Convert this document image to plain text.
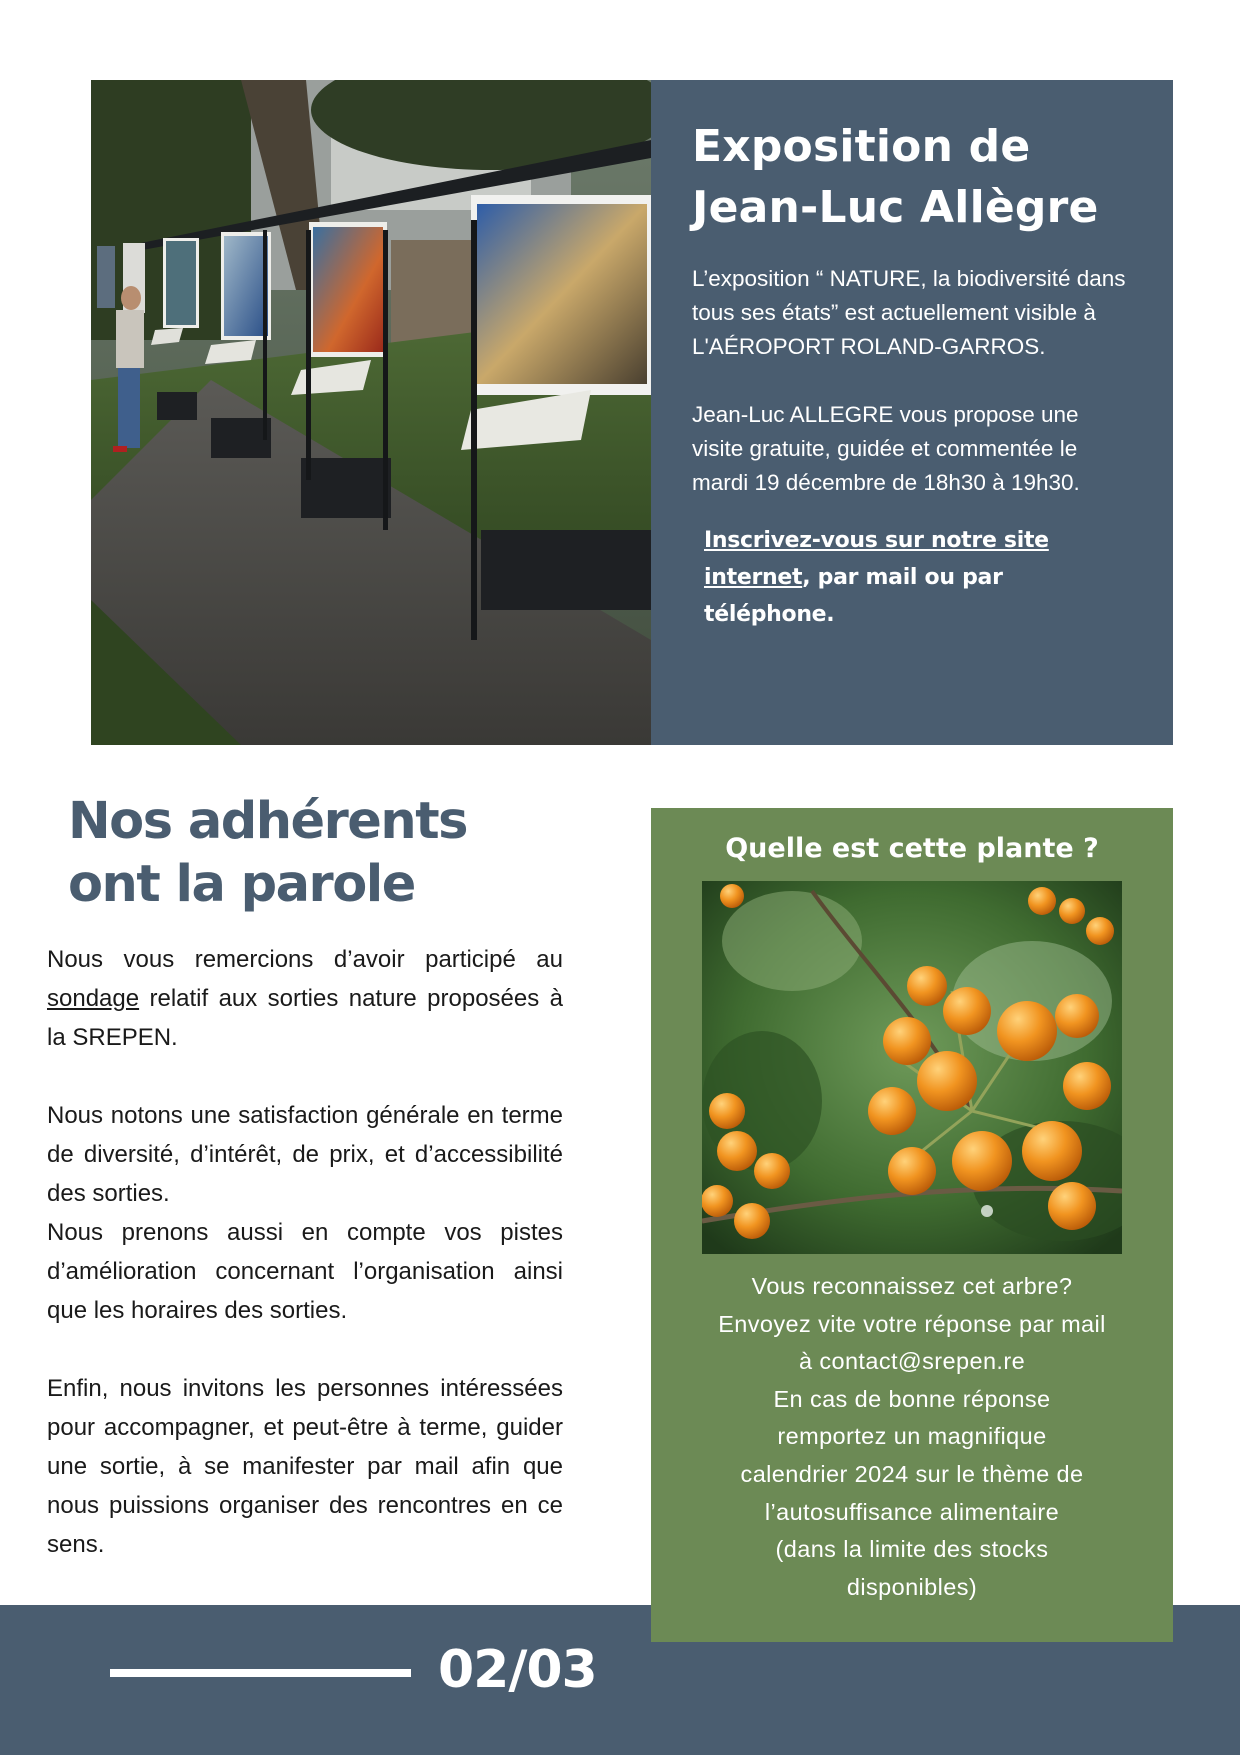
Exposition de
Jean-Luc Allègre

L’exposition “ NATURE, la biodiversité dans tous ses états” est actuellement visible à L'AÉROPORT ROLAND-GARROS.

Jean-Luc ALLEGRE vous propose une visite gratuite, guidée et commentée le mardi 19 décembre de 18h30 à 19h30.

Inscrivez-vous sur notre site internet, par mail ou par téléphone.

Nos adhérents
ont la parole

Nous vous remercions d’avoir participé au sondage relatif aux sorties nature proposées à la SREPEN.

Nous notons une satisfaction générale en terme de diversité, d’intérêt, de prix, et d’accessibilité des sorties.

Nous prenons aussi en compte vos pistes d’amélioration concernant l’organisation ainsi que les horaires des sorties.

Enfin, nous invitons les personnes intéressées pour accompagner, et peut-être à terme, guider une sortie, à se manifester par mail afin que nous puissions organiser des rencontres en ce sens.

02/03
Quelle est cette plante ?

Vous reconnaissez cet arbre?

Envoyez vite votre réponse par mail

à contact@srepen.re

En cas de bonne réponse

remportez un magnifique

calendrier 2024 sur le thème de

l’autosuffisance alimentaire

(dans la limite des stocks

disponibles)
